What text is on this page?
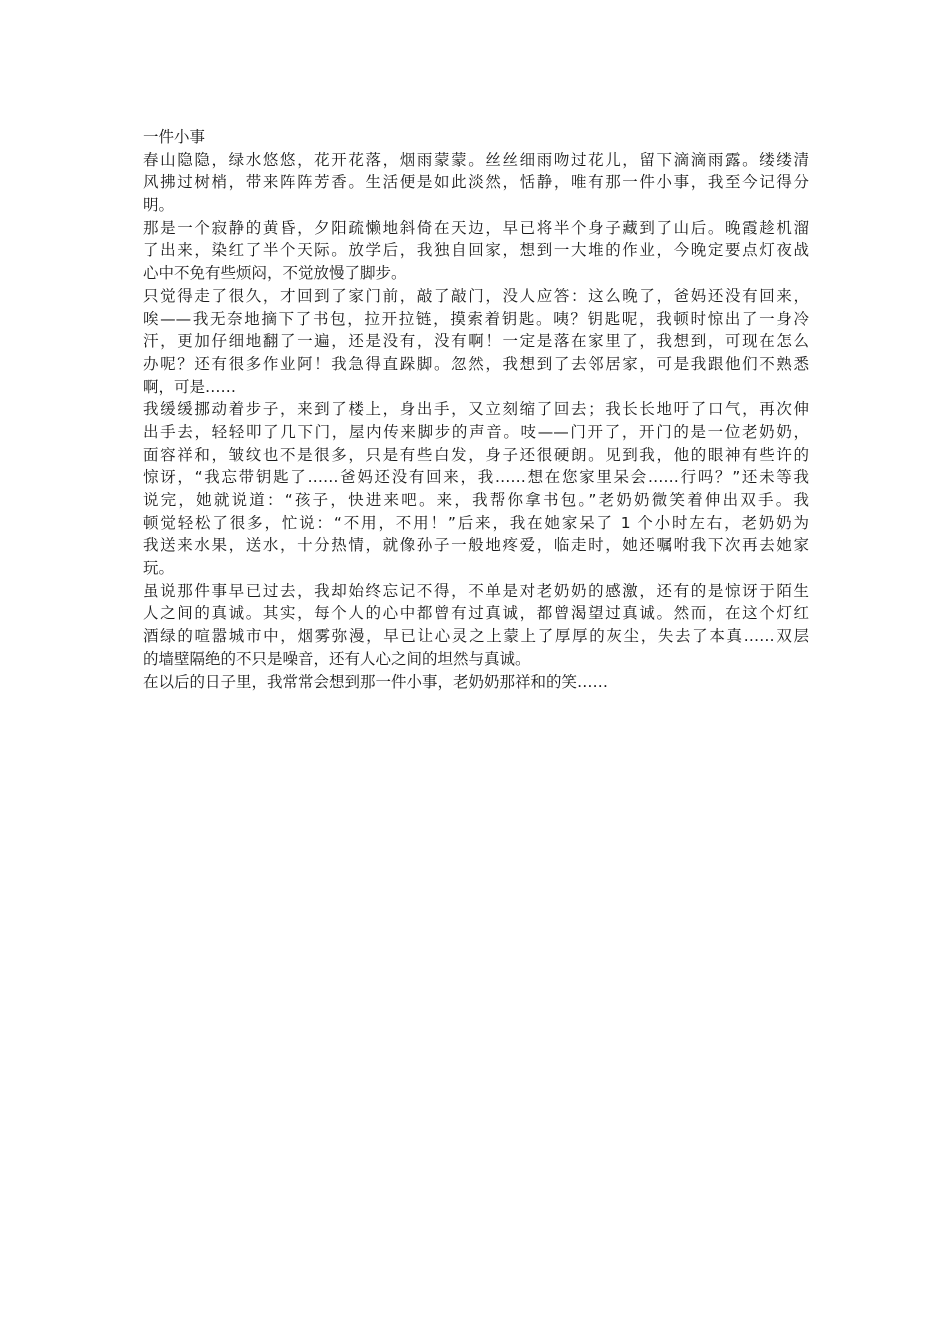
一件小事

春山隐隐，绿水悠悠，花开花落，烟雨蒙蒙。丝丝细雨吻过花儿，留下滴滴雨露。缕缕清

风拂过树梢，带来阵阵芳香。生活便是如此淡然，恬静，唯有那一件小事，我至今记得分

明。

那是一个寂静的黄昏，夕阳疏懒地斜倚在天边，早已将半个身子藏到了山后。晚霞趁机溜

了出来，染红了半个天际。放学后，我独自回家，想到一大堆的作业，今晚定要点灯夜战

心中不免有些烦闷，不觉放慢了脚步。

只觉得走了很久，才回到了家门前，敲了敲门，没人应答：这么晚了，爸妈还没有回来，

唉——我无奈地摘下了书包，拉开拉链，摸索着钥匙。咦？钥匙呢，我顿时惊出了一身冷

汗，更加仔细地翻了一遍，还是没有，没有啊！一定是落在家里了，我想到，可现在怎么

办呢？还有很多作业阿！我急得直跺脚。忽然，我想到了去邻居家，可是我跟他们不熟悉

啊，可是……

我缓缓挪动着步子，来到了楼上，身出手，又立刻缩了回去；我长长地吁了口气，再次伸

出手去，轻轻叩了几下门，屋内传来脚步的声音。吱——门开了，开门的是一位老奶奶，

面容祥和，皱纹也不是很多，只是有些白发，身子还很硬朗。见到我，他的眼神有些许的

惊讶，“我忘带钥匙了……爸妈还没有回来，我……想在您家里呆会……行吗？”还未等我

说完，她就说道：“孩子，快进来吧。来，我帮你拿书包。”老奶奶微笑着伸出双手。我

顿觉轻松了很多，忙说：“不用，不用！”后来，我在她家呆了 1 个小时左右，老奶奶为

我送来水果，送水，十分热情，就像孙子一般地疼爱，临走时，她还嘱咐我下次再去她家

玩。

虽说那件事早已过去，我却始终忘记不得，不单是对老奶奶的感激，还有的是惊讶于陌生

人之间的真诚。其实，每个人的心中都曾有过真诚，都曾渴望过真诚。然而，在这个灯红

酒绿的喧嚣城市中，烟雾弥漫，早已让心灵之上蒙上了厚厚的灰尘，失去了本真……双层

的墙壁隔绝的不只是噪音，还有人心之间的坦然与真诚。

在以后的日子里，我常常会想到那一件小事，老奶奶那祥和的笑……
